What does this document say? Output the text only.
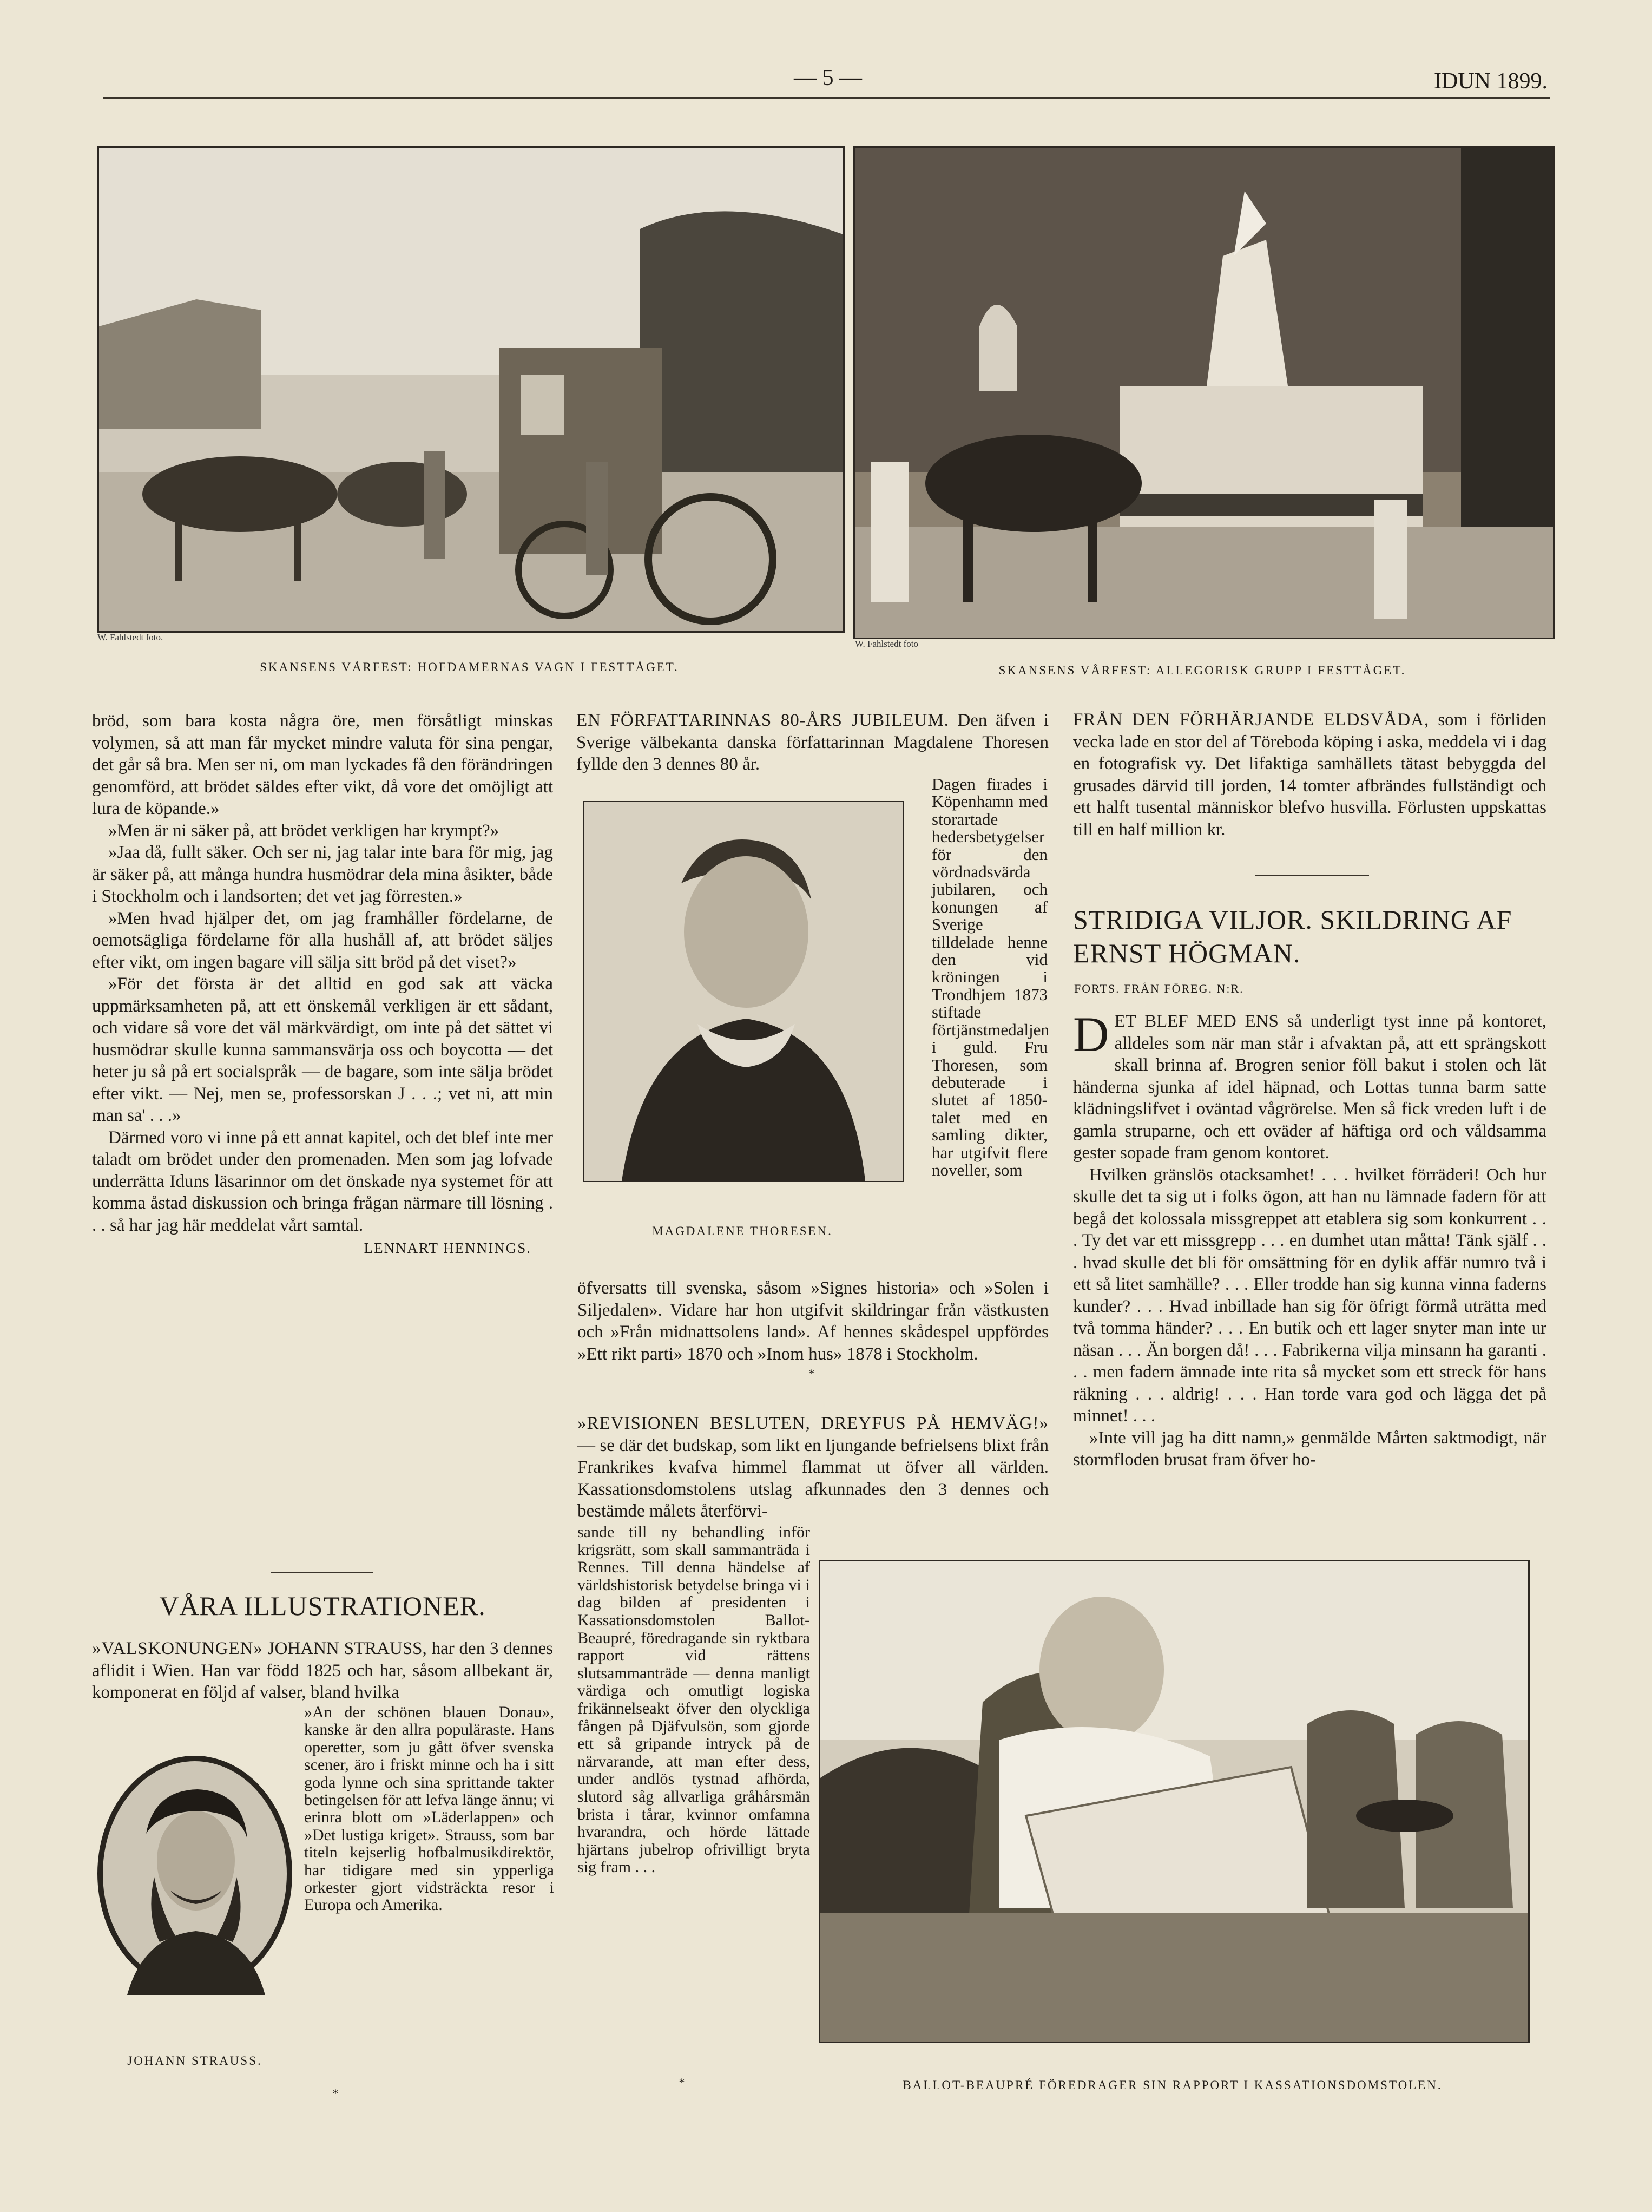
— 5 —	IDUN 1899.
W. Fahlstedt foto.
SKANSENS VÅRFEST: HOFDAMERNAS VAGN I FESTTÅGET.
W. Fahlstedt foto
SKANSENS VÅRFEST: ALLEGORISK GRUPP I FESTTÅGET.

bröd, som bara kosta några öre, men försåtligt minskas volymen, så att man får mycket mindre valuta för sina pengar, det går så bra. Men ser ni, om man lyckades få den förändringen genomförd, att brödet säldes efter vikt, då vore det omöjligt att lura de köpande.»

»Men är ni säker på, att brödet verkligen har krympt?»

»Jaa då, fullt säker. Och ser ni, jag talar inte bara för mig, jag är säker på, att många hundra husmödrar dela mina åsikter, både i Stockholm och i landsorten; det vet jag förresten.»

»Men hvad hjälper det, om jag framhåller fördelarne, de oemotsägliga fördelarne för alla hushåll af, att brödet säljes efter vikt, om ingen bagare vill sälja sitt bröd på det viset?»

»För det första är det alltid en god sak att väcka uppmärksamheten på, att ett önskemål verkligen är ett sådant, och vidare så vore det väl märkvärdigt, om inte på det sättet vi husmödrar skulle kunna sammansvärja oss och boycotta — det heter ju så på ert socialspråk — de bagare, som inte sälja brödet efter vikt. — Nej, men se, professorskan J . . .; vet ni, att min man sa' . . .»

Därmed voro vi inne på ett annat kapitel, och det blef inte mer taladt om brödet under den promenaden. Men som jag lofvade underrätta Iduns läsarinnor om det önskade nya systemet för att komma åstad diskussion och bringa frågan närmare till lösning . . . så har jag här meddelat vårt samtal.

LENNART HENNINGS.
VÅRA ILLUSTRATIONER.
»VALSKONUNGEN» JOHANN STRAUSS, har den 3 dennes aflidit i Wien. Han var född 1825 och har, såsom allbekant är, komponerat en följd af valser, bland hvilka
JOHANN STRAUSS.
»An der schönen blauen Donau», kanske är den allra populäraste. Hans operetter, som ju gått öfver svenska scener, äro i friskt minne och ha i sitt goda lynne och sina sprittande takter betingelsen för att lefva länge ännu; vi erinra blott om »Läderlappen» och »Det lustiga kriget». Strauss, som bar titeln kejserlig hofbalmusikdirektör, har tidigare med sin ypperliga orkester gjort vidsträckta resor i Europa och Amerika.
*
EN FÖRFATTARINNAS 80-ÅRS JUBILEUM. Den äfven i Sverige välbekanta danska författarinnan Magdalene Thoresen fyllde den 3 dennes 80 år.
MAGDALENE THORESEN.
Dagen firades i Köpenhamn med storartade hedersbetygelser för den vördnadsvärda jubilaren, och konungen af Sverige tilldelade henne den vid kröningen i Trondhjem 1873 stiftade förtjänstmedaljen i guld. Fru Thoresen, som debuterade i slutet af 1850-talet med en samling dikter, har utgifvit flere noveller, som
öfversatts till svenska, såsom »Signes historia» och »Solen i Siljedalen». Vidare har hon utgifvit skildringar från västkusten och »Från midnattsolens land». Af hennes skådespel uppfördes »Ett rikt parti» 1870 och »Inom hus» 1878 i Stockholm.
*
»REVISIONEN BESLUTEN, DREYFUS PÅ HEMVÄG!» — se där det budskap, som likt en ljungande befrielsens blixt från Frankrikes kvafva himmel flammat ut öfver all världen. Kassationsdomstolens utslag afkunnades den 3 dennes och bestämde målets återförvi-
sande till ny behandling inför krigsrätt, som skall sammanträda i Rennes. Till denna händelse af världshistorisk betydelse bringa vi i dag bilden af presidenten i Kassationsdomstolen Ballot-Beaupré, föredragande sin ryktbara rapport vid rättens slutsammanträde — denna manligt värdiga och omutligt logiska frikännelseakt öfver den olyckliga fången på Djäfvulsön, som gjorde ett så gripande intryck på de närvarande, att man efter dess, under andlös tystnad afhörda, slutord såg allvarliga gråhårsmän brista i tårar, kvinnor omfamna hvarandra, och hörde lättade hjärtans jubelrop ofrivilligt bryta sig fram . . .
*	BALLOT-BEAUPRÉ FÖREDRAGER SIN RAPPORT I KASSATIONSDOMSTOLEN.
FRÅN DEN FÖRHÄRJANDE ELDSVÅDA, som i förliden vecka lade en stor del af Töreboda köping i aska, meddela vi i dag en fotografisk vy. Det lifaktiga samhällets tätast bebyggda del grusades därvid till jorden, 14 tomter afbrändes fullständigt och ett halft tusental människor blefvo husvilla. Förlusten uppskattas till en half million kr.
STRIDIGA VILJOR. SKILDRING AF ERNST HÖGMAN.
FORTS. FRÅN FÖREG. N:R.
D ET BLEF MED ENS så underligt tyst inne på kontoret, alldeles som när man står i afvaktan på, att ett sprängskott skall brinna af. Brogren senior föll bakut i stolen och lät händerna sjunka af idel häpnad, och Lottas tunna barm satte klädningslifvet i oväntad vågrörelse. Men så fick vreden luft i de gamla struparne, och ett oväder af häftiga ord och våldsamma gester sopade fram genom kontoret.

Hvilken gränslös otacksamhet! . . . hvilket förräderi! Och hur skulle det ta sig ut i folks ögon, att han nu lämnade fadern för att begå det kolossala missgreppet att etablera sig som konkurrent . . . Ty det var ett missgrepp . . . en dumhet utan måtta! Tänk själf . . . hvad skulle det bli för omsättning för en dylik affär numro två i ett så litet samhälle? . . . Eller trodde han sig kunna vinna faderns kunder? . . . Hvad inbillade han sig för öfrigt förmå uträtta med två tomma händer? . . . En butik och ett lager snyter man inte ur näsan . . . Än borgen då! . . . Fabrikerna vilja minsann ha garanti . . . men fadern ämnade inte rita så mycket som ett streck för hans räkning . . . aldrig! . . . Han torde vara god och lägga det på minnet! . . .

»Inte vill jag ha ditt namn,» genmälde Mårten saktmodigt, när stormfloden brusat fram öfver ho-
